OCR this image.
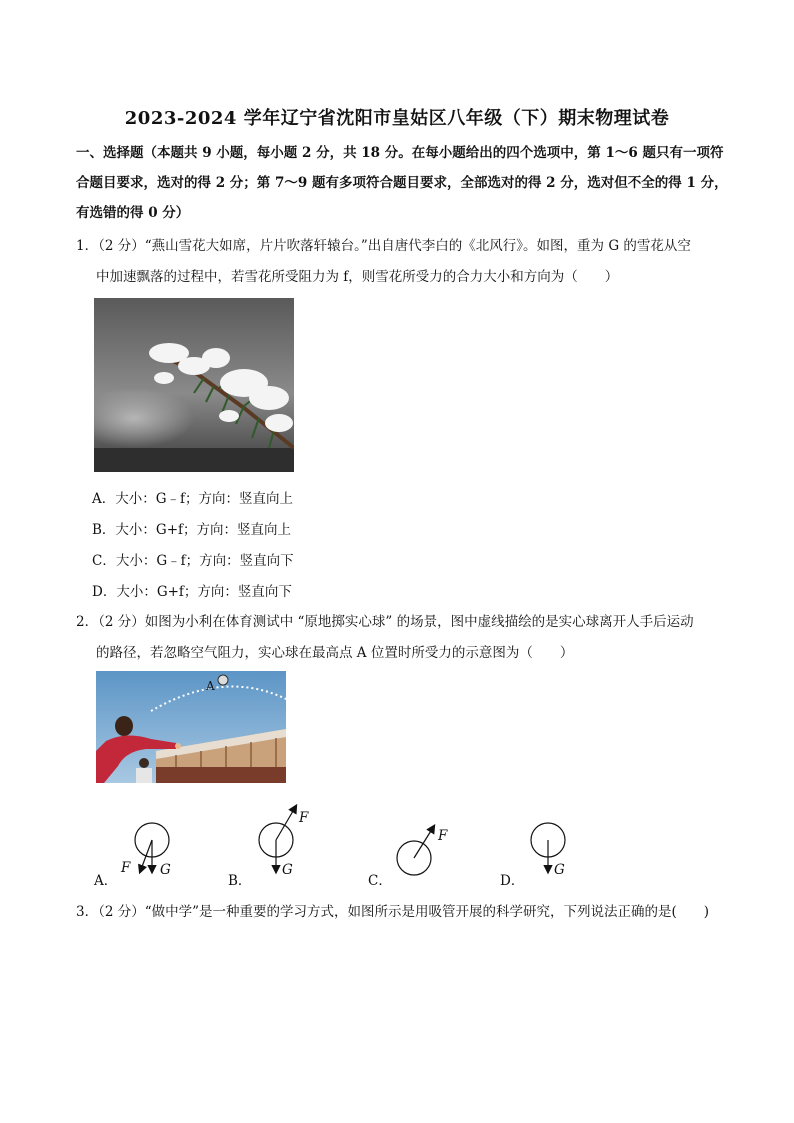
2023-2024 学年辽宁省沈阳市皇姑区八年级（下）期末物理试卷
一、选择题（本题共 9 小题，每小题 2 分，共 18 分。在每小题给出的四个选项中，第 1～6 题只有一项符
合题目要求，选对的得 2 分；第 7～9 题有多项符合题目要求，全部选对的得 2 分，选对但不全的得 1 分，
有选错的得 0 分）
1．（2 分）“燕山雪花大如席，片片吹落轩辕台。”出自唐代李白的《北风行》。如图，重为 G 的雪花从空
中加速飘落的过程中，若雪花所受阻力为 f，则雪花所受力的合力大小和方向为（　　）
A．大小：G﹣f；方向：竖直向上
B．大小：G+f；方向：竖直向上
C．大小：G﹣f；方向：竖直向下
D．大小：G+f；方向：竖直向下
2．（2 分）如图为小利在体育测试中 “原地掷实心球” 的场景，图中虚线描绘的是实心球离开人手后运动
的路径，若忽略空气阻力，实心球在最高点 A 位置时所受力的示意图为（　　）
A
A．
F G
B．
F
G
C．
F
D．
G
3．（2 分）“做中学”是一种重要的学习方式，如图所示是用吸管开展的科学研究，下列说法正确的是(　　)
